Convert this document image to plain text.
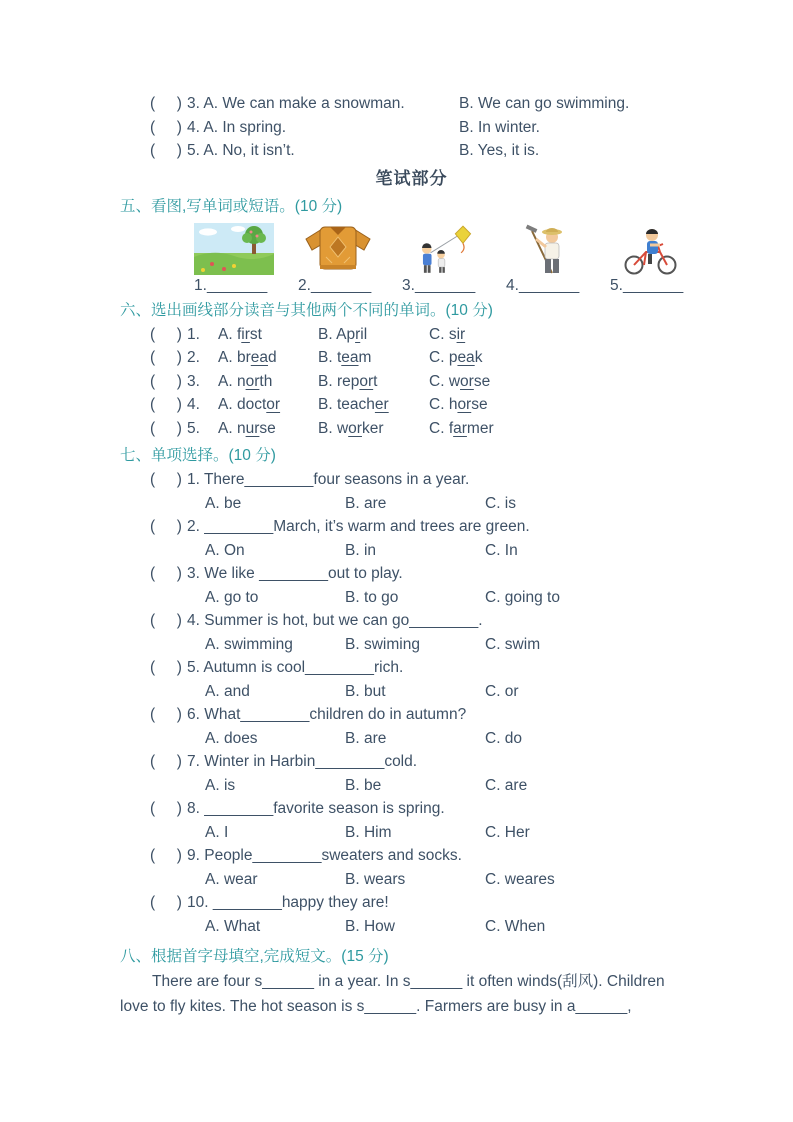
(     ) 3. A. We can make a snowman.	B. We can go swimming.
(     ) 4. A. In spring.	B. In winter.
(     ) 5. A. No, it isn’t.	B. Yes, it is.
笔试部分
五、看图,写单词或短语。(10 分)
1._______	2._______	3._______	4._______	5._______
六、选出画线部分读音与其他两个不同的单词。(10 分)
(     ) 1. A. first	B. April	C. sir
(     ) 2. A. bread	B. team	C. peak
(     ) 3. A. north	B. report	C. worse
(     ) 4. A. doctor B. teacher	C. horse
(     ) 5. A. nurse	B. worker	C. farmer
七、单项选择。(10 分)
(     ) 1. There________four seasons in a year.
A. be	B. are	C. is
(     ) 2. ________March, it’s warm and trees are green.
A. On	B. in	C. In
(     ) 3. We like ________out to play.
A. go to	B. to go	C. going to
(     ) 4. Summer is hot, but we can go________.
A. swimming	B. swiming	C. swim
(     ) 5. Autumn is cool________rich.
A. and	B. but	C. or
(     ) 6. What________children do in autumn?
A. does	B. are	C. do
(     ) 7. Winter in Harbin________cold.
A. is	B. be	C. are
(     ) 8. ________favorite season is spring.
A. I	B. Him	C. Her
(     ) 9. People________sweaters and socks.
A. wear	B. wears	C. weares
(     ) 10. ________happy they are!
A. What	B. How	C. When
八、根据首字母填空,完成短文。(15 分)
There are four s______ in a year. In s______ it often winds(刮风). Children
love to fly kites. The hot season is s______. Farmers are busy in a______,
